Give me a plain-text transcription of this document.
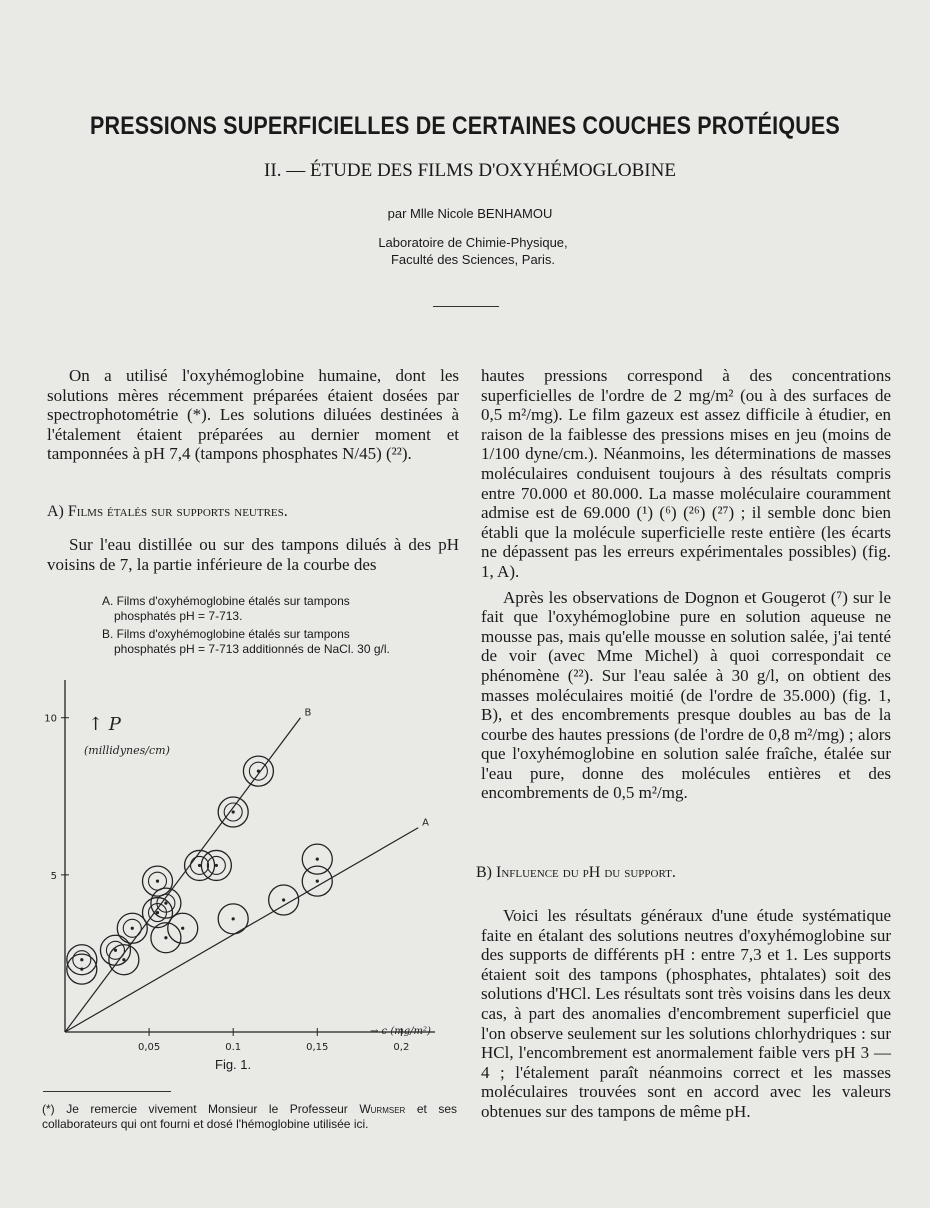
PRESSIONS SUPERFICIELLES DE CERTAINES COUCHES PROTÉIQUES
II. — ÉTUDE DES FILMS D'OXYHÉMOGLOBINE
par Mlle Nicole BENHAMOU
Laboratoire de Chimie-Physique,
Faculté des Sciences, Paris.

On a utilisé l'oxyhémoglobine humaine, dont les solutions mères récemment préparées étaient dosées par spectrophotométrie (*). Les solutions diluées destinées à l'étalement étaient préparées au dernier moment et tamponnées à pH 7,4 (tampons phosphates N/45) (²²).

A) Films étalés sur supports neutres.

Sur l'eau distillée ou sur des tampons dilués à des pH voisins de 7, la partie inférieure de la courbe des

A. Films d'oxyhémoglobine étalés sur tampons phosphatés pH = 7-713.
B. Films d'oxyhémoglobine étalés sur tampons phosphatés pH = 7-713 additionnés de NaCl. 30 g/l.
10
5
0,05	0.1	0,15	0,2
↑ P
(millidynes/cm)
→ c (mg/m²)
A
B
Fig. 1.
(*) Je remercie vivement Monsieur le Professeur Wurmser et ses collaborateurs qui ont fourni et dosé l'hémoglobine utilisée ici.

hautes pressions correspond à des concentrations superficielles de l'ordre de 2 mg/m² (ou à des surfaces de 0,5 m²/mg). Le film gazeux est assez difficile à étudier, en raison de la faiblesse des pressions mises en jeu (moins de 1/100 dyne/cm.). Néanmoins, les déterminations de masses moléculaires conduisent toujours à des résultats compris entre 70.000 et 80.000. La masse moléculaire couramment admise est de 69.000 (¹) (⁶) (²⁶) (²⁷) ; il semble donc bien établi que la molécule superficielle reste entière (les écarts ne dépassent pas les erreurs expérimentales possibles) (fig. 1, A).

Après les observations de Dognon et Gougerot (⁷) sur le fait que l'oxyhémoglobine pure en solution aqueuse ne mousse pas, mais qu'elle mousse en solution salée, j'ai tenté de voir (avec Mme Michel) à quoi correspondait ce phénomène (²²). Sur l'eau salée à 30 g/l, on obtient des masses moléculaires moitié (de l'ordre de 35.000) (fig. 1, B), et des encombrements presque doubles au bas de la courbe des hautes pressions (de l'ordre de 0,8 m²/mg) ; alors que l'oxyhémoglobine en solution salée fraîche, étalée sur l'eau pure, donne des molécules entières et des encombrements de 0,5 m²/mg.

B) Influence du pH du support.

Voici les résultats généraux d'une étude systématique faite en étalant des solutions neutres d'oxyhémoglobine sur des supports de différents pH : entre 7,3 et 1. Les supports étaient soit des tampons (phosphates, phtalates) soit des solutions d'HCl. Les résultats sont très voisins dans les deux cas, à part des anomalies d'encombrement superficiel que l'on observe seulement sur les solutions chlorhydriques : sur HCl, l'encombrement est anormalement faible vers pH 3 — 4 ; l'étalement paraît néanmoins correct et les masses moléculaires trouvées sont en accord avec les valeurs obtenues sur des tampons de même pH.
